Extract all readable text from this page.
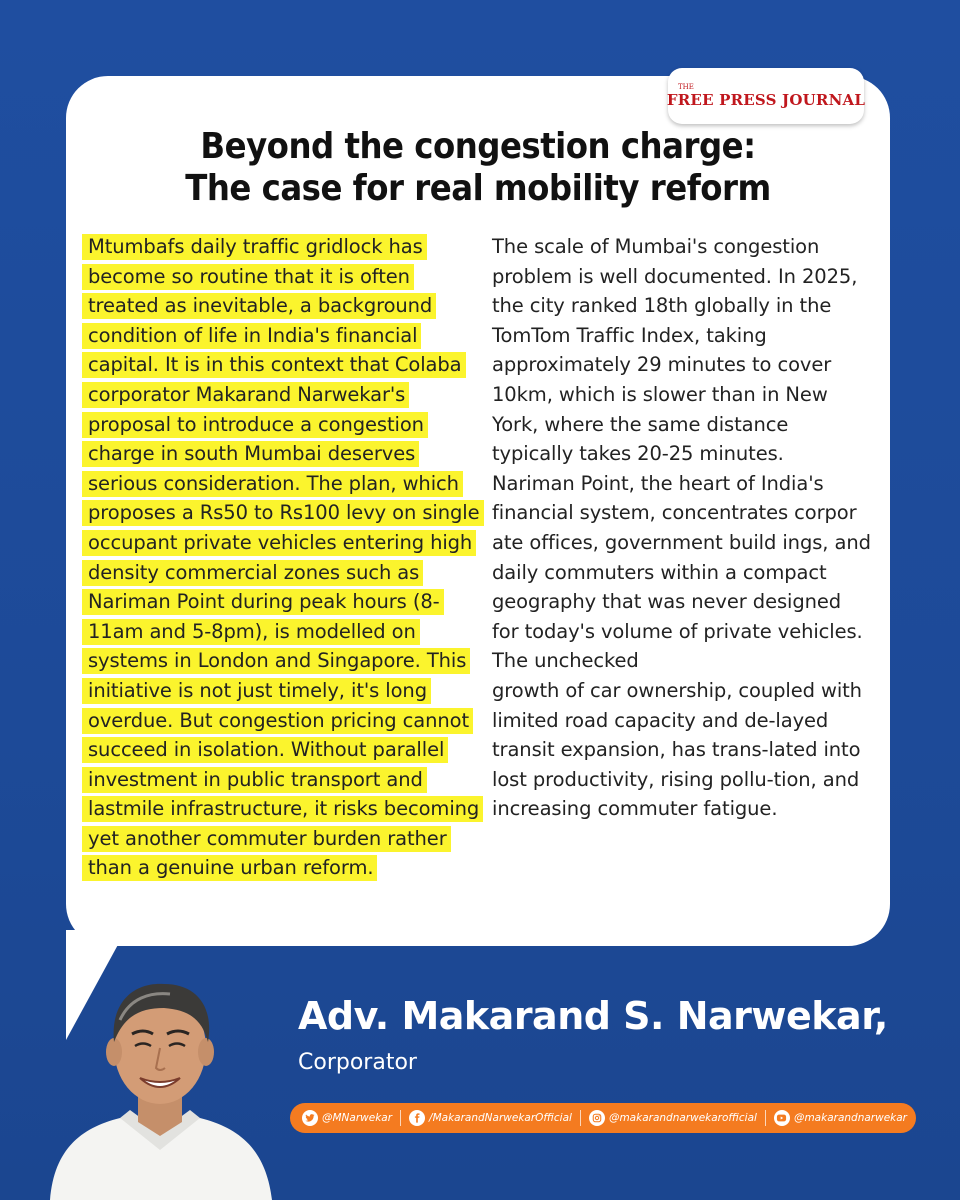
THE
FREE PRESS JOURNAL
Beyond the congestion charge:
The case for real mobility reform

Mtumbafs daily traffic gridlock has become so routine that it is often treated as inevitable, a background condition of life in India's financial capital. It is in this context that Colaba corporator Makarand Narwekar's proposal to introduce a congestion charge in south Mumbai deserves serious consideration. The plan, which proposes a Rs50 to Rs100 levy on single occupant private vehicles entering high density commercial zones such as Nariman Point during peak hours (8-11am and 5-8pm), is modelled on systems in London and Singapore. This initiative is not just timely, it's long overdue. But congestion pricing cannot succeed in isolation. Without parallel investment in public transport and lastmile infrastructure, it risks becoming yet another commuter burden rather than a genuine urban reform.

The scale of Mumbai's congestion problem is well documented. In 2025, the city ranked 18th globally in the TomTom Traffic Index, taking approximately 29 minutes to cover 10km, which is slower than in New York, where the same distance typically takes 20-25 minutes. Nariman Point, the heart of India's financial system, concentrates corpor ate offices, government build ings, and daily commuters within a compact geography that was never designed for today's volume of private vehicles. The unchecked

growth of car ownership, coupled with limited road capacity and de-layed transit expansion, has trans-lated into lost productivity, rising pollu-tion, and increasing commuter fatigue.

Adv. Makarand S. Narwekar,
Corporator
@MNarwekar	/MakarandNarwekarOfficial	@makarandnarwekarofficial	@makarandnarwekar
